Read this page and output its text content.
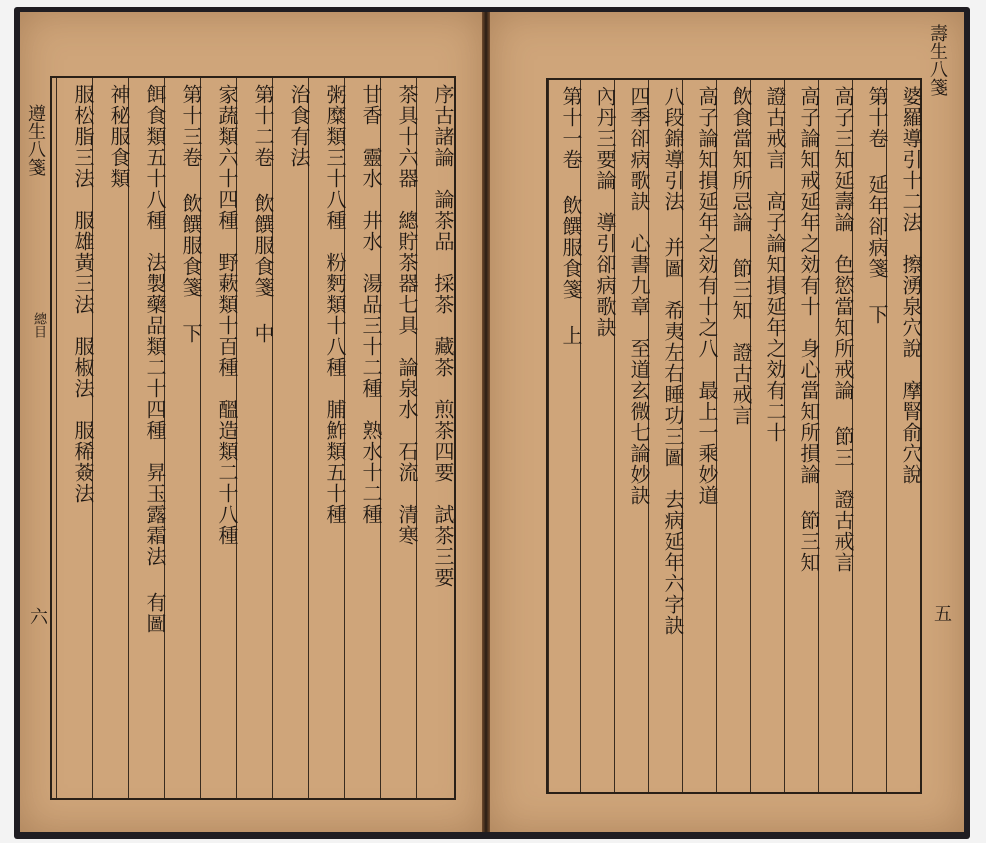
遵生八箋
總目
六
序古諸論　論茶品　採茶　藏茶　煎茶四要　試茶三要
茶具十六器　總貯茶器七具　論泉水　石流　清寒
甘香　靈水　井水　湯品三十二種　熟水十二種
粥糜類三十八種　粉麪類十八種　脯鮓類五十種
治食有法
第十二卷 飲饌服食箋 中
家蔬類六十四種　野蔌類十百種　醞造類二十八種
第十三卷 飲饌服食箋 下
餌食類五十八種　法製藥品類二十四種　昇玉露霜法 有圖
神秘服食類
服松脂三法　服雄黃三法　服椒法　服稀薟法
壽生八箋
五
婆羅導引十二法　擦湧泉穴說　摩腎俞穴說
第十卷 延年卻病箋 下
高子三知延壽論　色慾當知所戒論 節三　證古戒言
高子論知戒延年之効有十　身心當知所損論 節三知
證古戒言　高子論知損延年之効有二十
飲食當知所忌論 節三知　證古戒言
高子論知損延年之効有十之八　最上一乘妙道
八段錦導引法 并圖　希夷左右睡功三圖　去病延年六字訣
四季卻病歌訣　心書九章　至道玄微七論妙訣
內丹三要論　導引卻病歌訣
第十一卷 飲饌服食箋 上
